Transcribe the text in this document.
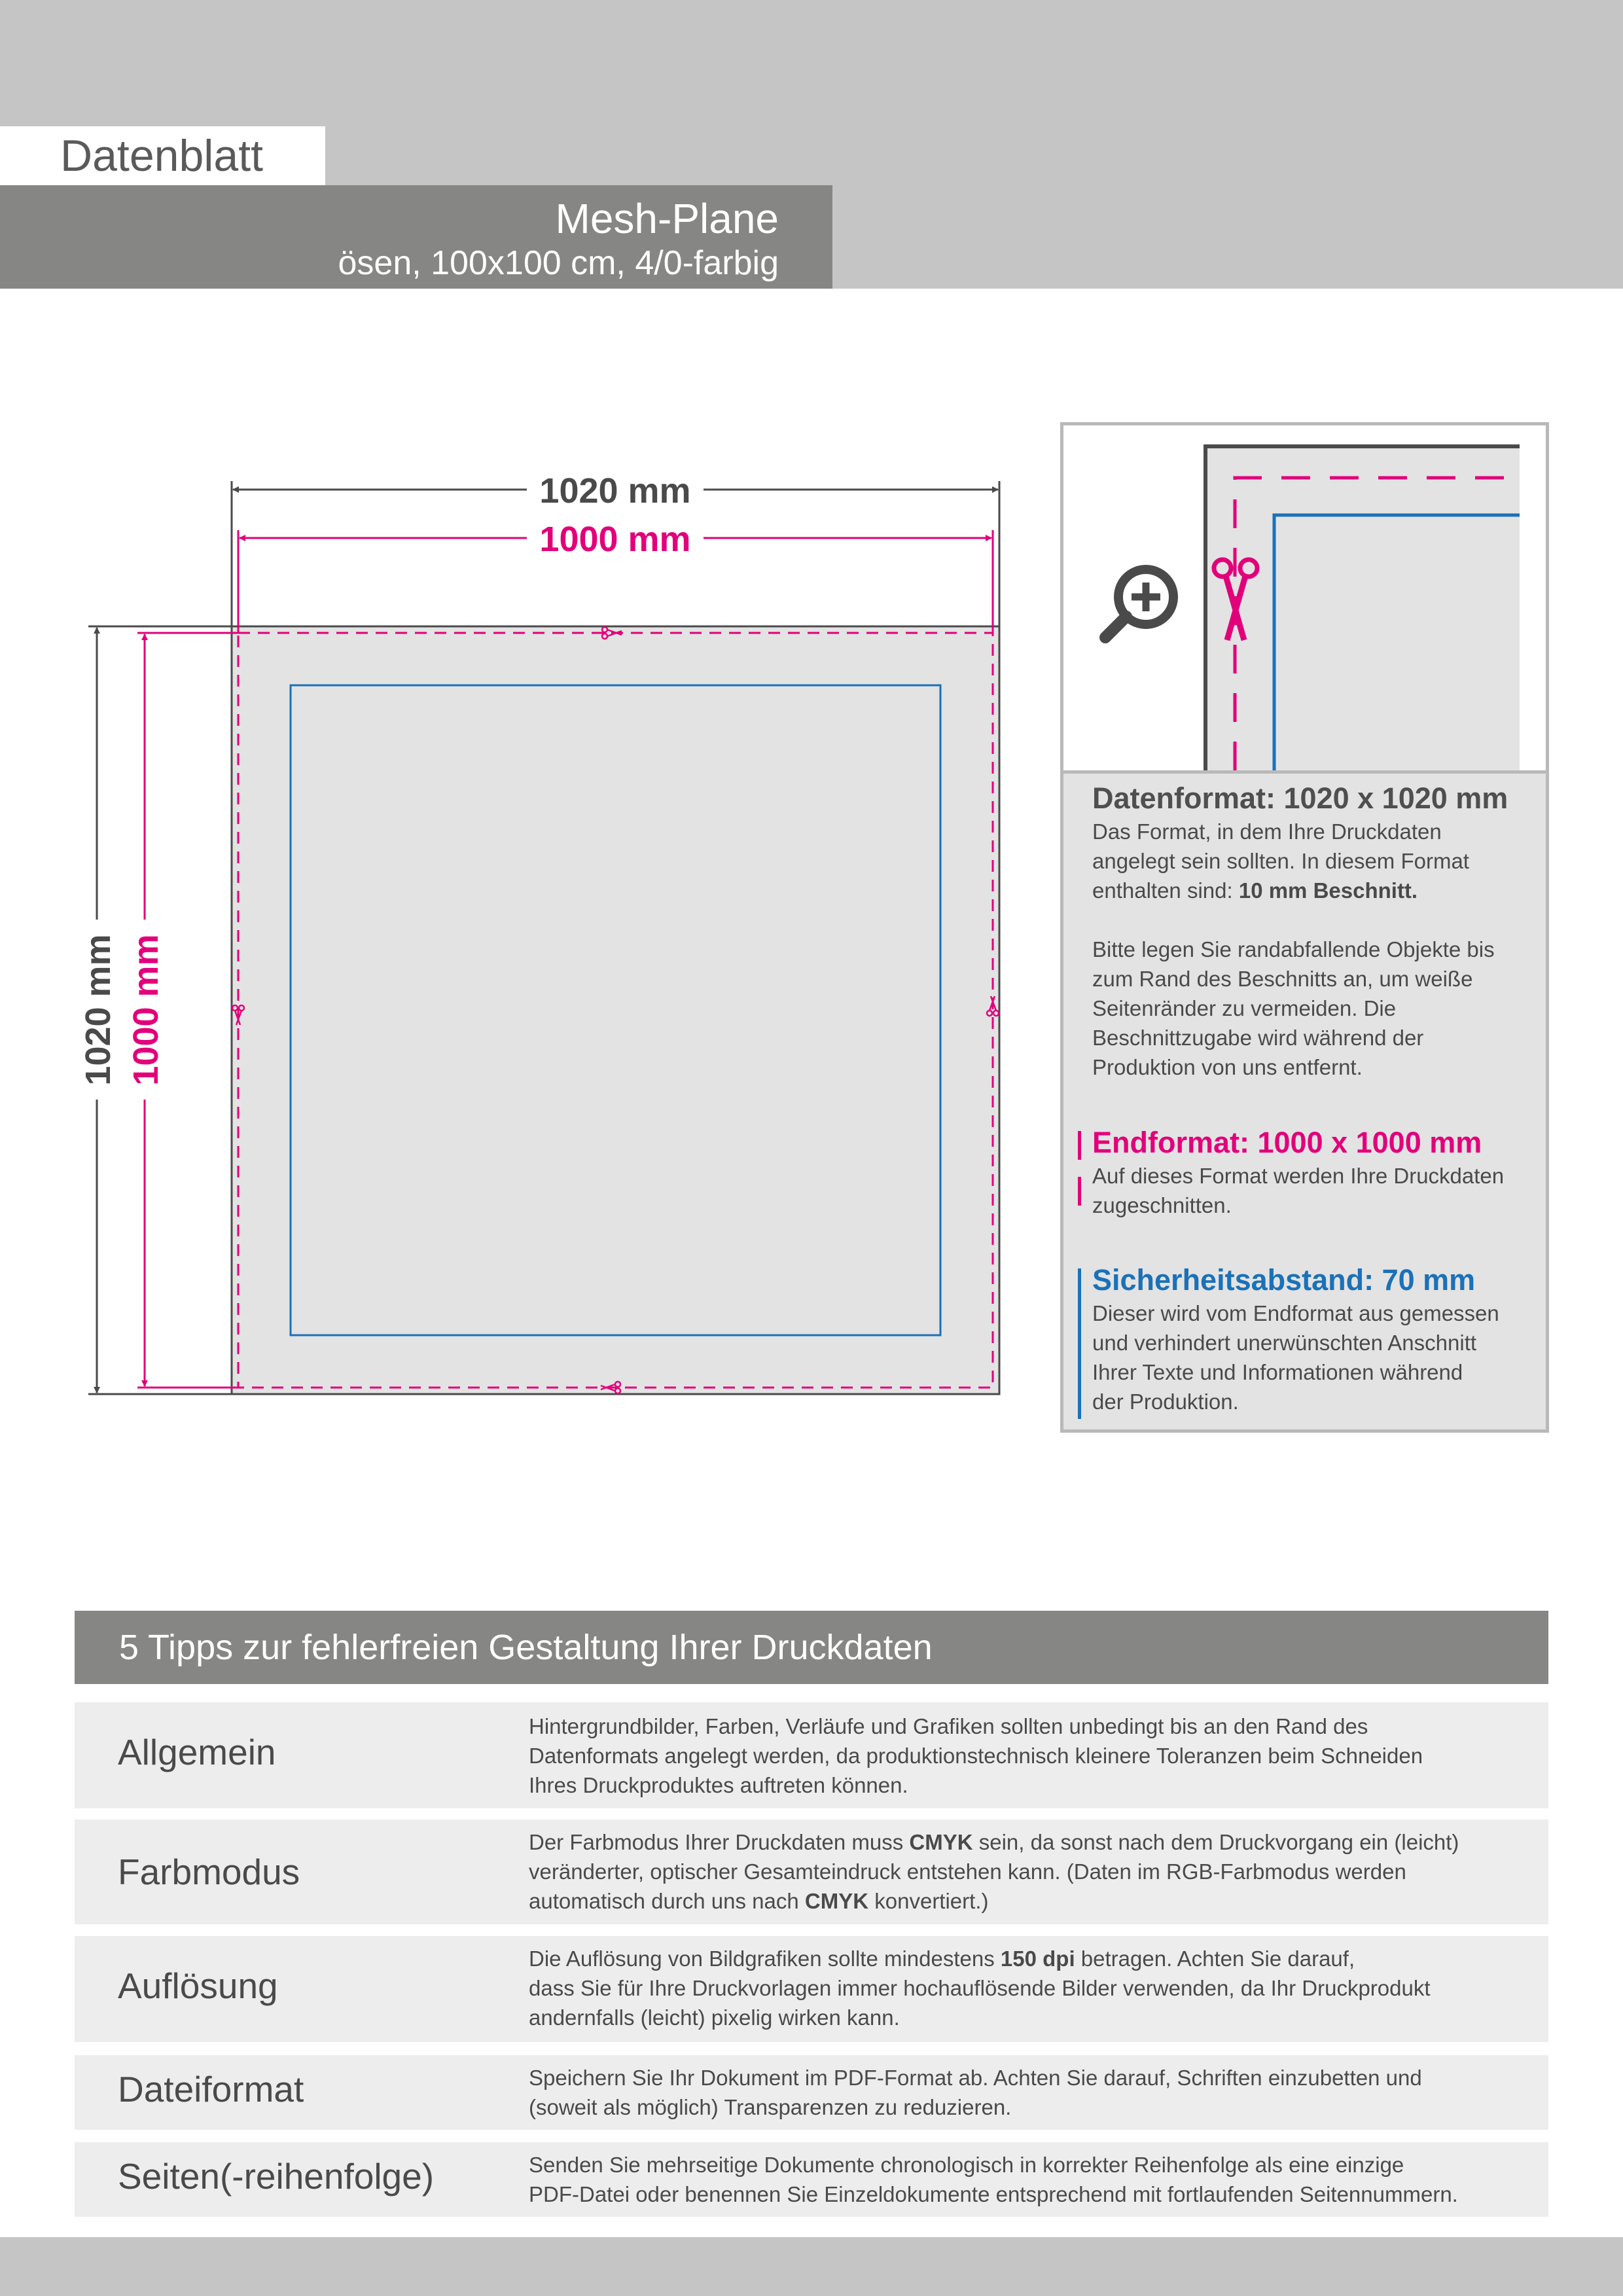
Datenblatt
Mesh-Plane
ösen, 100x100 cm, 4/0-farbig
1020 mm
1000 mm
1020 mm 1000 mm
Datenformat: 1020 x 1020 mm
Das Format, in dem Ihre Druckdaten
angelegt sein sollten. In diesem Format
enthalten sind: 10 mm Beschnitt.
Bitte legen Sie randabfallende Objekte bis
zum Rand des Beschnitts an, um weiße
Seitenränder zu vermeiden. Die
Beschnittzugabe wird während der
Produktion von uns entfernt.
Endformat: 1000 x 1000 mm
Auf dieses Format werden Ihre Druckdaten
zugeschnitten.
Sicherheitsabstand: 70 mm
Dieser wird vom Endformat aus gemessen
und verhindert unerwünschten Anschnitt
Ihrer Texte und Informationen während
der Produktion.
5 Tipps zur fehlerfreien Gestaltung Ihrer Druckdaten
Allgemein
Hintergrundbilder, Farben, Verläufe und Grafiken sollten unbedingt bis an den Rand des
Datenformats angelegt werden, da produktionstechnisch kleinere Toleranzen beim Schneiden
Ihres Druckproduktes auftreten können.
Farbmodus
Der Farbmodus Ihrer Druckdaten muss CMYK sein, da sonst nach dem Druckvorgang ein (leicht)
veränderter, optischer Gesamteindruck entstehen kann. (Daten im RGB-Farbmodus werden
automatisch durch uns nach CMYK konvertiert.)
Auflösung
Die Auflösung von Bildgrafiken sollte mindestens 150 dpi betragen. Achten Sie darauf,
dass Sie für Ihre Druckvorlagen immer hochauflösende Bilder verwenden, da Ihr Druckprodukt
andernfalls (leicht) pixelig wirken kann.
Dateiformat	Speichern Sie Ihr Dokument im PDF-Format ab. Achten Sie darauf, Schriften einzubetten und
(soweit als möglich) Transparenzen zu reduzieren.
Seiten(-reihenfolge)	Senden Sie mehrseitige Dokumente chronologisch in korrekter Reihenfolge als eine einzige
PDF-Datei oder benennen Sie Einzeldokumente entsprechend mit fortlaufenden Seitennummern.
